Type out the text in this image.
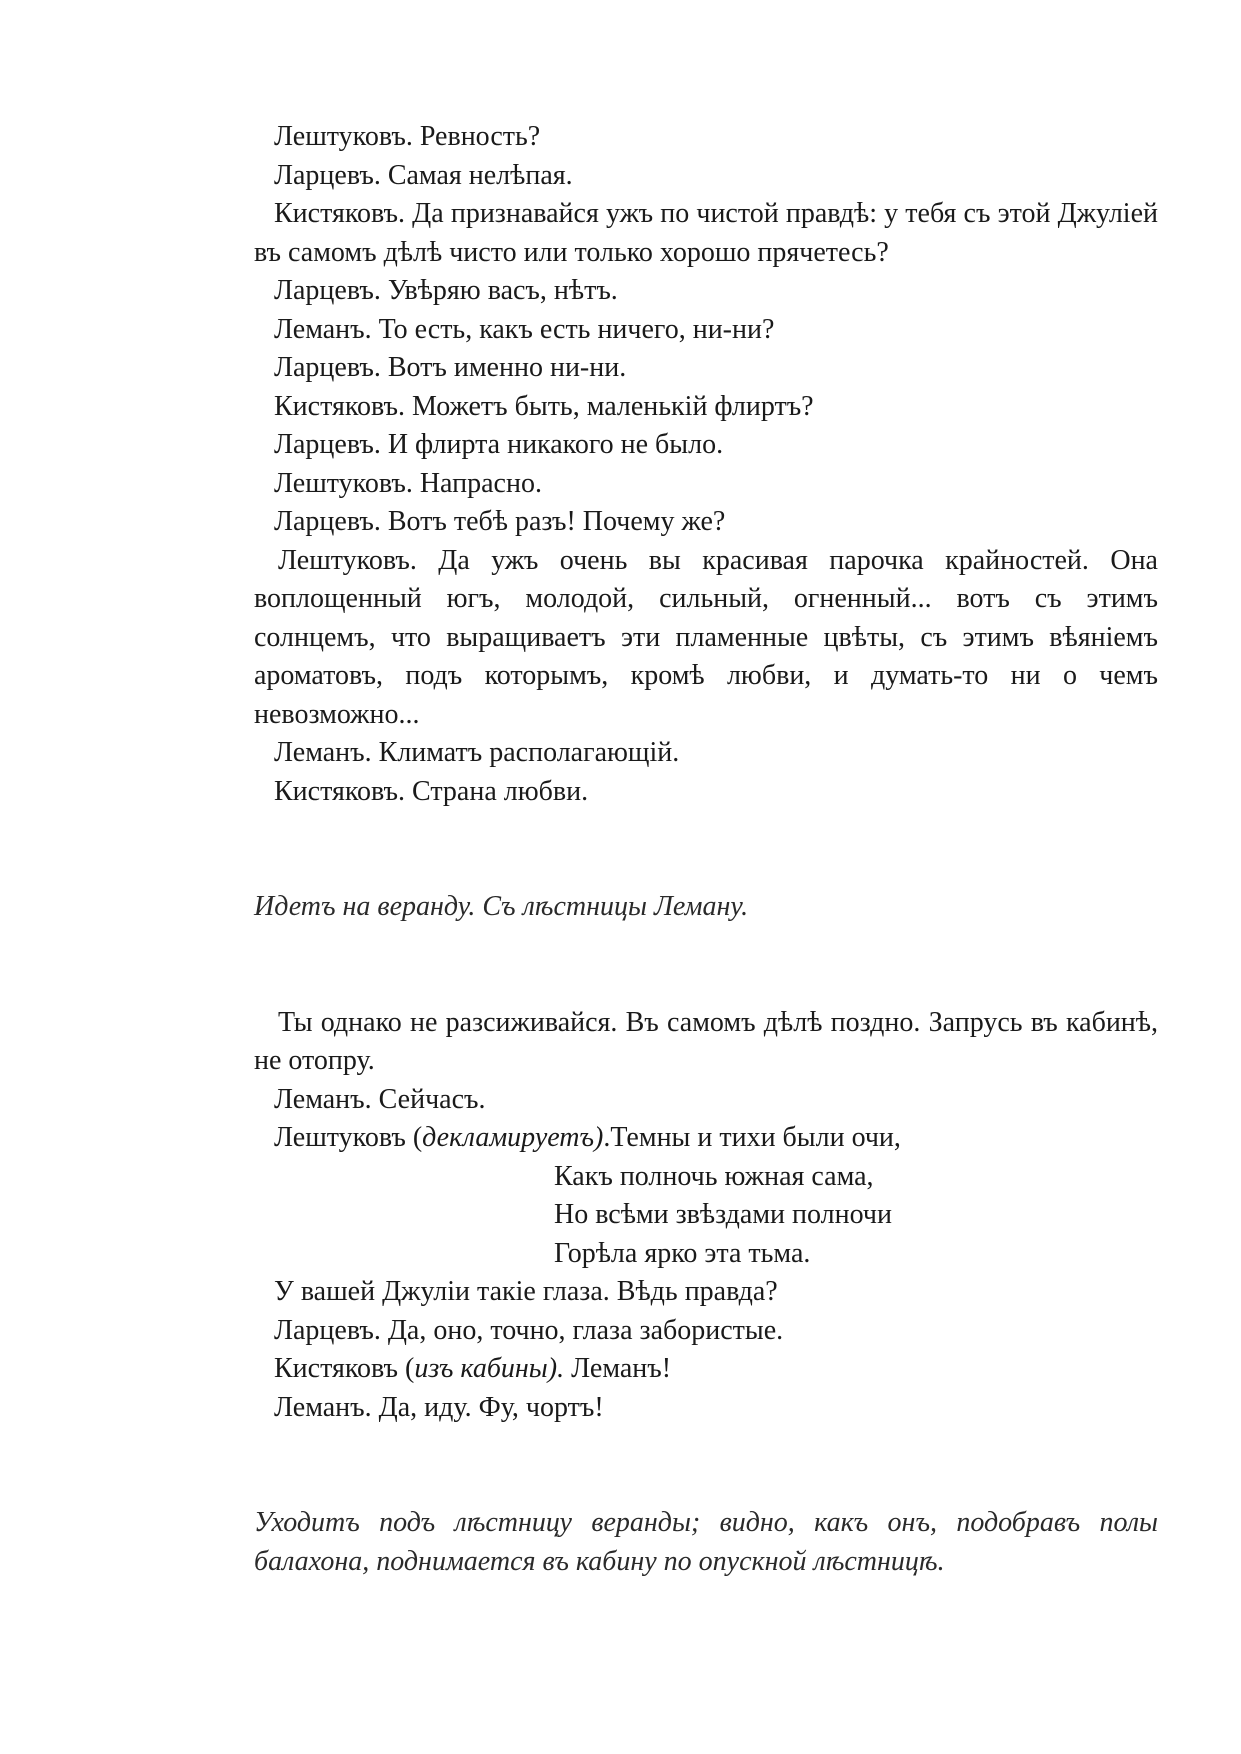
Лештуковъ. Ревность?

Ларцевъ. Самая нелѣпая.

Кистяковъ. Да признавайся ужъ по чистой правдѣ: у тебя съ этой Джуліей въ самомъ дѣлѣ чисто или только хорошо прячетесь?

Ларцевъ. Увѣряю васъ, нѣтъ.

Леманъ. То есть, какъ есть ничего, ни-ни?

Ларцевъ. Вотъ именно ни-ни.

Кистяковъ. Можетъ быть, маленькій флиртъ?

Ларцевъ. И флирта никакого не было.

Лештуковъ. Напрасно.

Ларцевъ. Вотъ тебѣ разъ! Почему же?

Лештуковъ. Да ужъ очень вы красивая парочка крайностей. Она воплощенный югъ, молодой, сильный, огненный... вотъ съ этимъ солнцемъ, что выращиваетъ эти пламенные цвѣты, съ этимъ вѣяніемъ ароматовъ, подъ которымъ, кромѣ любви, и думать-то ни о чемъ невозможно...

Леманъ. Климатъ располагающій.

Кистяковъ. Страна любви.

Идетъ на веранду. Съ лѣстницы Леману.

Ты однако не разсиживайся. Въ самомъ дѣлѣ поздно. Запрусь въ кабинѣ, не отопру.

Леманъ. Сейчасъ.

Лештуковъ (декламируетъ).Темны и тихи были очи,

Какъ полночь южная сама,

Но всѣми звѣздами полночи

Горѣла ярко эта тьма.

У вашей Джуліи такіе глаза. Вѣдь правда?

Ларцевъ. Да, оно, точно, глаза забористые.

Кистяковъ (изъ кабины). Леманъ!

Леманъ. Да, иду. Фу, чортъ!

Уходитъ подъ лѣстницу веранды; видно, какъ онъ, подобравъ полы балахона, поднимается въ кабину по опускной лѣстницѣ.
